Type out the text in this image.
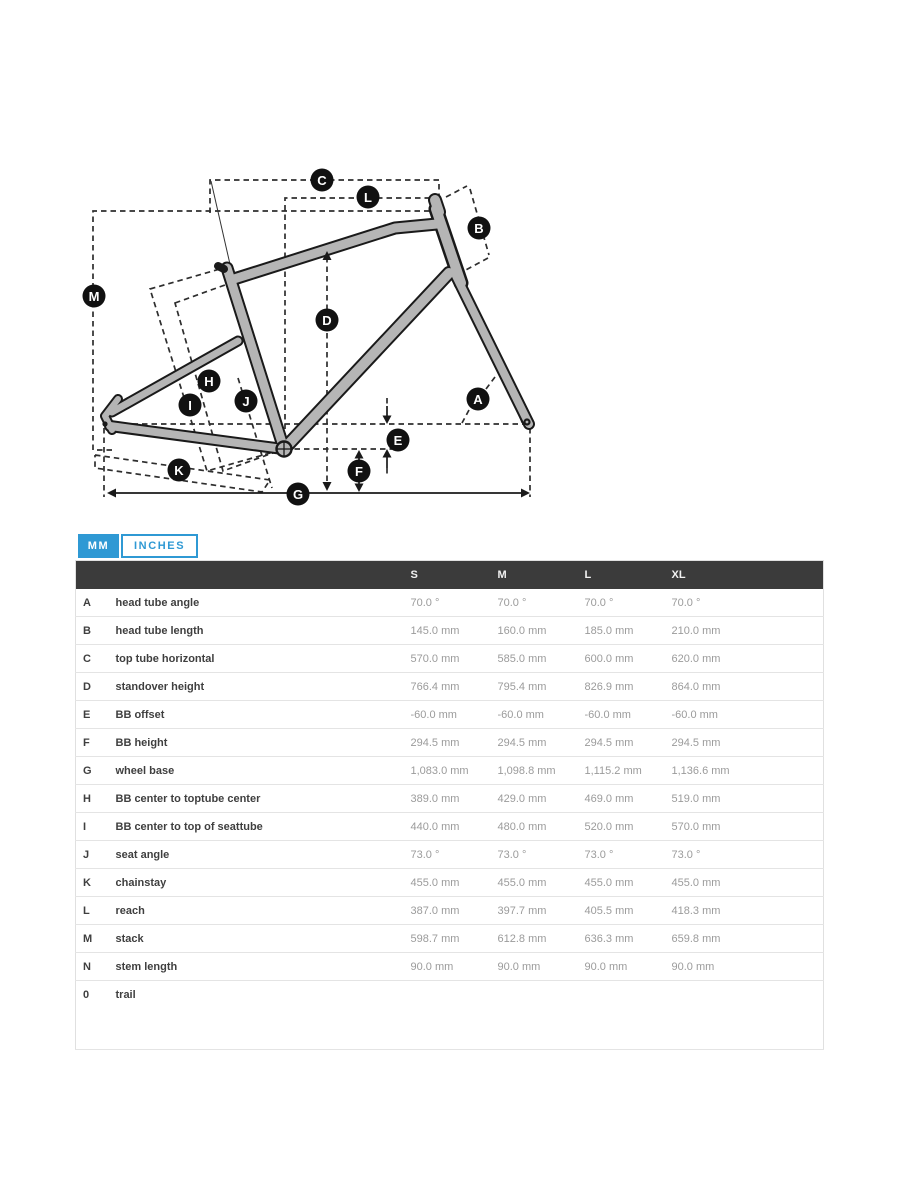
C
L
B
M
D
H
I	J	A
E
F
K
G
MM	INCHES
		S	M	L	XL	
A	head tube angle	70.0 °	70.0 °	70.0 °	70.0 °	
B	head tube length	145.0 mm	160.0 mm	185.0 mm	210.0 mm	
C	top tube horizontal	570.0 mm	585.0 mm	600.0 mm	620.0 mm	
D	standover height	766.4 mm	795.4 mm	826.9 mm	864.0 mm	
E	BB offset	-60.0 mm	-60.0 mm	-60.0 mm	-60.0 mm	
F	BB height	294.5 mm	294.5 mm	294.5 mm	294.5 mm	
G	wheel base	1,083.0 mm	1,098.8 mm	1,115.2 mm	1,136.6 mm	
H	BB center to toptube center	389.0 mm	429.0 mm	469.0 mm	519.0 mm	
I	BB center to top of seattube	440.0 mm	480.0 mm	520.0 mm	570.0 mm	
J	seat angle	73.0 °	73.0 °	73.0 °	73.0 °	
K	chainstay	455.0 mm	455.0 mm	455.0 mm	455.0 mm	
L	reach	387.0 mm	397.7 mm	405.5 mm	418.3 mm	
M	stack	598.7 mm	612.8 mm	636.3 mm	659.8 mm	
N	stem length	90.0 mm	90.0 mm	90.0 mm	90.0 mm	
0	trail					
